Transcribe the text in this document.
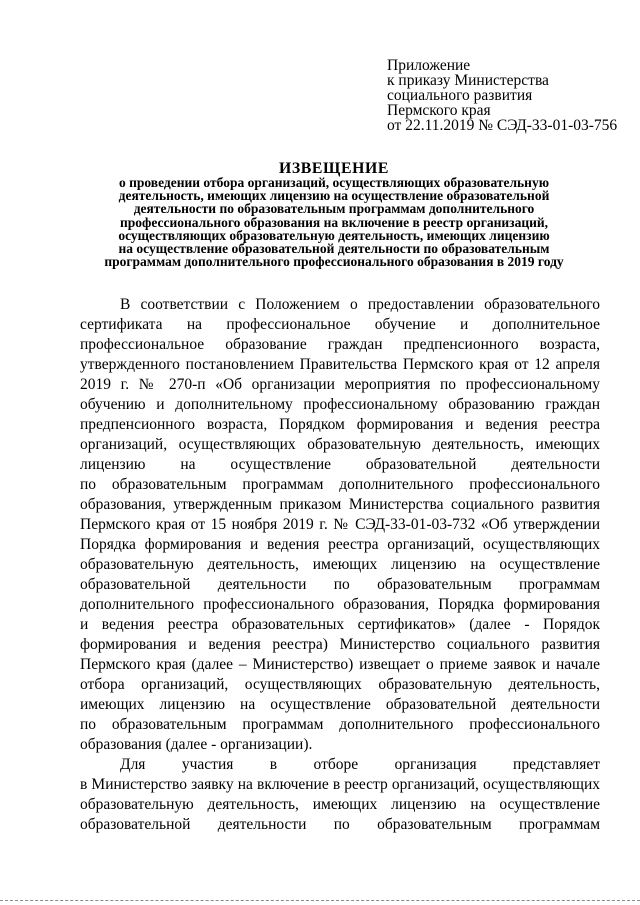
Приложение
к приказу Министерства
социального развития
Пермского края
от 22.11.2019 № СЭД-33-01-03-756
ИЗВЕЩЕНИЕ
о проведении отбора организаций, осуществляющих образовательную
деятельность, имеющих лицензию на осуществление образовательной
деятельности по образовательным программам дополнительного
профессионального образования на включение в реестр организаций,
осуществляющих образовательную деятельность, имеющих лицензию
на осуществление образовательной деятельности по образовательным
программам дополнительного профессионального образования в 2019 году
В соответствии с Положением о предоставлении образовательного
сертификата на профессиональное обучение и дополнительное
профессиональное образование граждан предпенсионного возраста,
утвержденного постановлением Правительства Пермского края от 12 апреля
2019 г. № 270-п «Об организации мероприятия по профессиональному
обучению и дополнительному профессиональному образованию граждан
предпенсионного возраста, Порядком формирования и ведения реестра
организаций, осуществляющих образовательную деятельность, имеющих
лицензию на осуществление образовательной деятельности
по образовательным программам дополнительного профессионального
образования, утвержденным приказом Министерства социального развития
Пермского края от 15 ноября 2019 г. № СЭД-33-01-03-732 «Об утверждении
Порядка формирования и ведения реестра организаций, осуществляющих
образовательную деятельность, имеющих лицензию на осуществление
образовательной деятельности по образовательным программам
дополнительного профессионального образования, Порядка формирования
и ведения реестра образовательных сертификатов» (далее - Порядок
формирования и ведения реестра) Министерство социального развития
Пермского края (далее – Министерство) извещает о приеме заявок и начале
отбора организаций, осуществляющих образовательную деятельность,
имеющих лицензию на осуществление образовательной деятельности
по образовательным программам дополнительного профессионального
образования (далее - организации).
Для участия в отборе организация представляет
в Министерство заявку на включение в реестр организаций, осуществляющих
образовательную деятельность, имеющих лицензию на осуществление
образовательной деятельности по образовательным программам
